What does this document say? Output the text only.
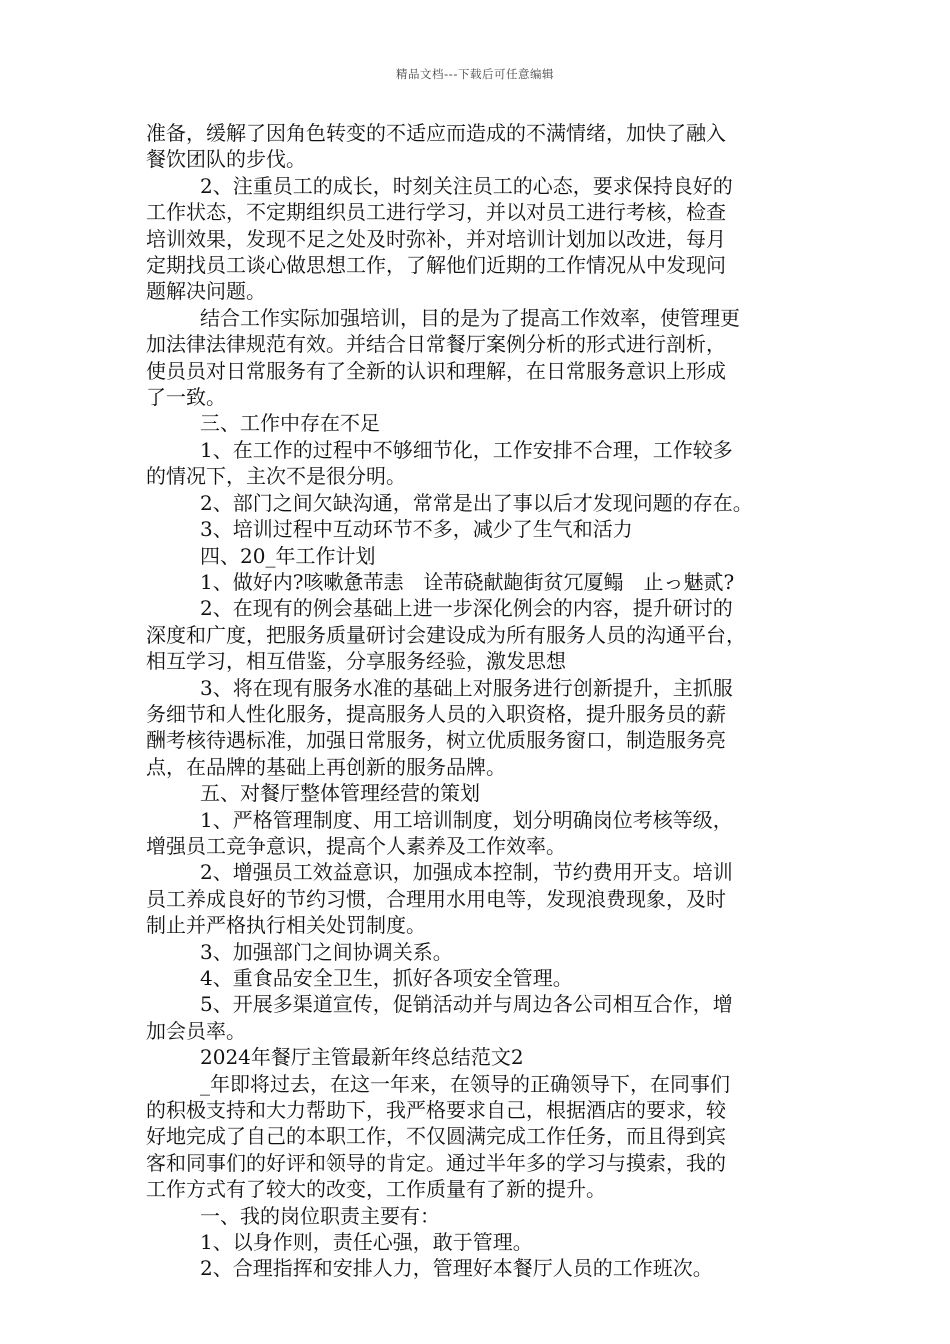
精品文档---下载后可任意编辑

准备，缓解了因角色转变的不适应而造成的不满情绪，加快了融入

餐饮团队的步伐。

2、注重员工的成长，时刻关注员工的心态，要求保持良好的

工作状态，不定期组织员工进行学习，并以对员工进行考核，检查

培训效果，发现不足之处及时弥补，并对培训计划加以改进，每月

定期找员工谈心做思想工作，了解他们近期的工作情况从中发现问

题解决问题。

结合工作实际加强培训，目的是为了提高工作效率，使管理更

加法律法律规范有效。并结合日常餐厅案例分析的形式进行剖析，

使员员对日常服务有了全新的认识和理解，在日常服务意识上形成

了一致。

三、工作中存在不足

1、在工作的过程中不够细节化，工作安排不合理，工作较多

的情况下，主次不是很分明。

2、部门之间欠缺沟通，常常是出了事以后才发现问题的存在。

3、培训过程中互动环节不多，减少了生气和活力

四、20_年工作计划

1、做好内?咳嗽惫芾恚　诠芾硗献龅街贫冗厦鳎　止っ魅贰?

2、在现有的例会基础上进一步深化例会的内容，提升研讨的

深度和广度，把服务质量研讨会建设成为所有服务人员的沟通平台，

相互学习，相互借鉴，分享服务经验，激发思想

3、将在现有服务水准的基础上对服务进行创新提升，主抓服

务细节和人性化服务，提高服务人员的入职资格，提升服务员的薪

酬考核待遇标准，加强日常服务，树立优质服务窗口，制造服务亮

点，在品牌的基础上再创新的服务品牌。

五、对餐厅整体管理经营的策划

1、严格管理制度、用工培训制度，划分明确岗位考核等级，

增强员工竞争意识，提高个人素养及工作效率。

2、增强员工效益意识，加强成本控制，节约费用开支。培训

员工养成良好的节约习惯，合理用水用电等，发现浪费现象，及时

制止并严格执行相关处罚制度。

3、加强部门之间协调关系。

4、重食品安全卫生，抓好各项安全管理。

5、开展多渠道宣传，促销活动并与周边各公司相互合作，增

加会员率。

2024年餐厅主管最新年终总结范文2

_年即将过去，在这一年来，在领导的正确领导下，在同事们

的积极支持和大力帮助下，我严格要求自己，根据酒店的要求，较

好地完成了自己的本职工作，不仅圆满完成工作任务，而且得到宾

客和同事们的好评和领导的肯定。通过半年多的学习与摸索，我的

工作方式有了较大的改变，工作质量有了新的提升。

一、我的岗位职责主要有：

1、以身作则，责任心强，敢于管理。

2、合理指挥和安排人力，管理好本餐厅人员的工作班次。
